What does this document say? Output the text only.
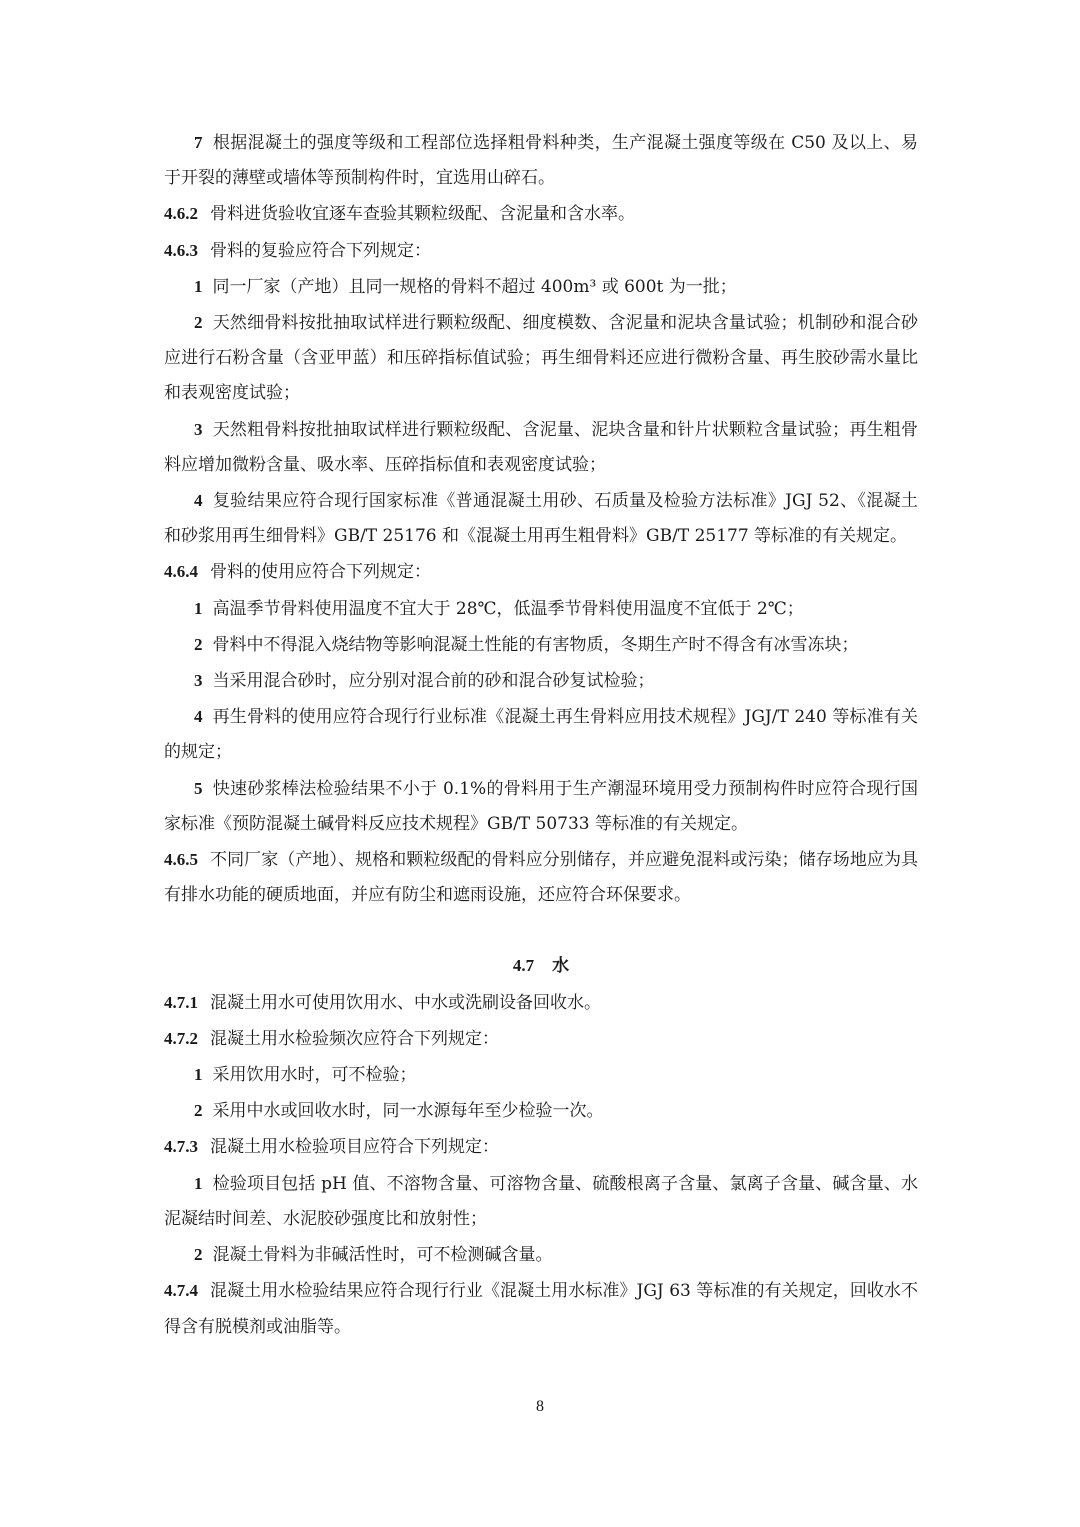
7 根据混凝土的强度等级和工程部位选择粗骨料种类，生产混凝土强度等级在 C50 及以上、易于开裂的薄壁或墙体等预制构件时，宜选用山碎石。

4.6.2 骨料进货验收宜逐车查验其颗粒级配、含泥量和含水率。

4.6.3 骨料的复验应符合下列规定：

1 同一厂家（产地）且同一规格的骨料不超过 400m³ 或 600t 为一批；

2 天然细骨料按批抽取试样进行颗粒级配、细度模数、含泥量和泥块含量试验；机制砂和混合砂应进行石粉含量（含亚甲蓝）和压碎指标值试验；再生细骨料还应进行微粉含量、再生胶砂需水量比和表观密度试验；

3 天然粗骨料按批抽取试样进行颗粒级配、含泥量、泥块含量和针片状颗粒含量试验；再生粗骨料应增加微粉含量、吸水率、压碎指标值和表观密度试验；

4 复验结果应符合现行国家标准《普通混凝土用砂、石质量及检验方法标准》JGJ 52、《混凝土和砂浆用再生细骨料》GB/T 25176 和《混凝土用再生粗骨料》GB/T 25177 等标准的有关规定。

4.6.4 骨料的使用应符合下列规定：

1 高温季节骨料使用温度不宜大于 28℃，低温季节骨料使用温度不宜低于 2℃；

2 骨料中不得混入烧结物等影响混凝土性能的有害物质，冬期生产时不得含有冰雪冻块；

3 当采用混合砂时，应分别对混合前的砂和混合砂复试检验；

4 再生骨料的使用应符合现行行业标准《混凝土再生骨料应用技术规程》JGJ/T 240 等标准有关的规定；

5 快速砂浆棒法检验结果不小于 0.1%的骨料用于生产潮湿环境用受力预制构件时应符合现行国家标准《预防混凝土碱骨料反应技术规程》GB/T 50733 等标准的有关规定。

4.6.5 不同厂家（产地）、规格和颗粒级配的骨料应分别储存，并应避免混料或污染；储存场地应为具有排水功能的硬质地面，并应有防尘和遮雨设施，还应符合环保要求。

4.7 水

4.7.1 混凝土用水可使用饮用水、中水或洗刷设备回收水。

4.7.2 混凝土用水检验频次应符合下列规定：

1 采用饮用水时，可不检验；

2 采用中水或回收水时，同一水源每年至少检验一次。

4.7.3 混凝土用水检验项目应符合下列规定：

1 检验项目包括 pH 值、不溶物含量、可溶物含量、硫酸根离子含量、氯离子含量、碱含量、水泥凝结时间差、水泥胶砂强度比和放射性；

2 混凝土骨料为非碱活性时，可不检测碱含量。

4.7.4 混凝土用水检验结果应符合现行行业《混凝土用水标准》JGJ 63 等标准的有关规定，回收水不得含有脱模剂或油脂等。

8
